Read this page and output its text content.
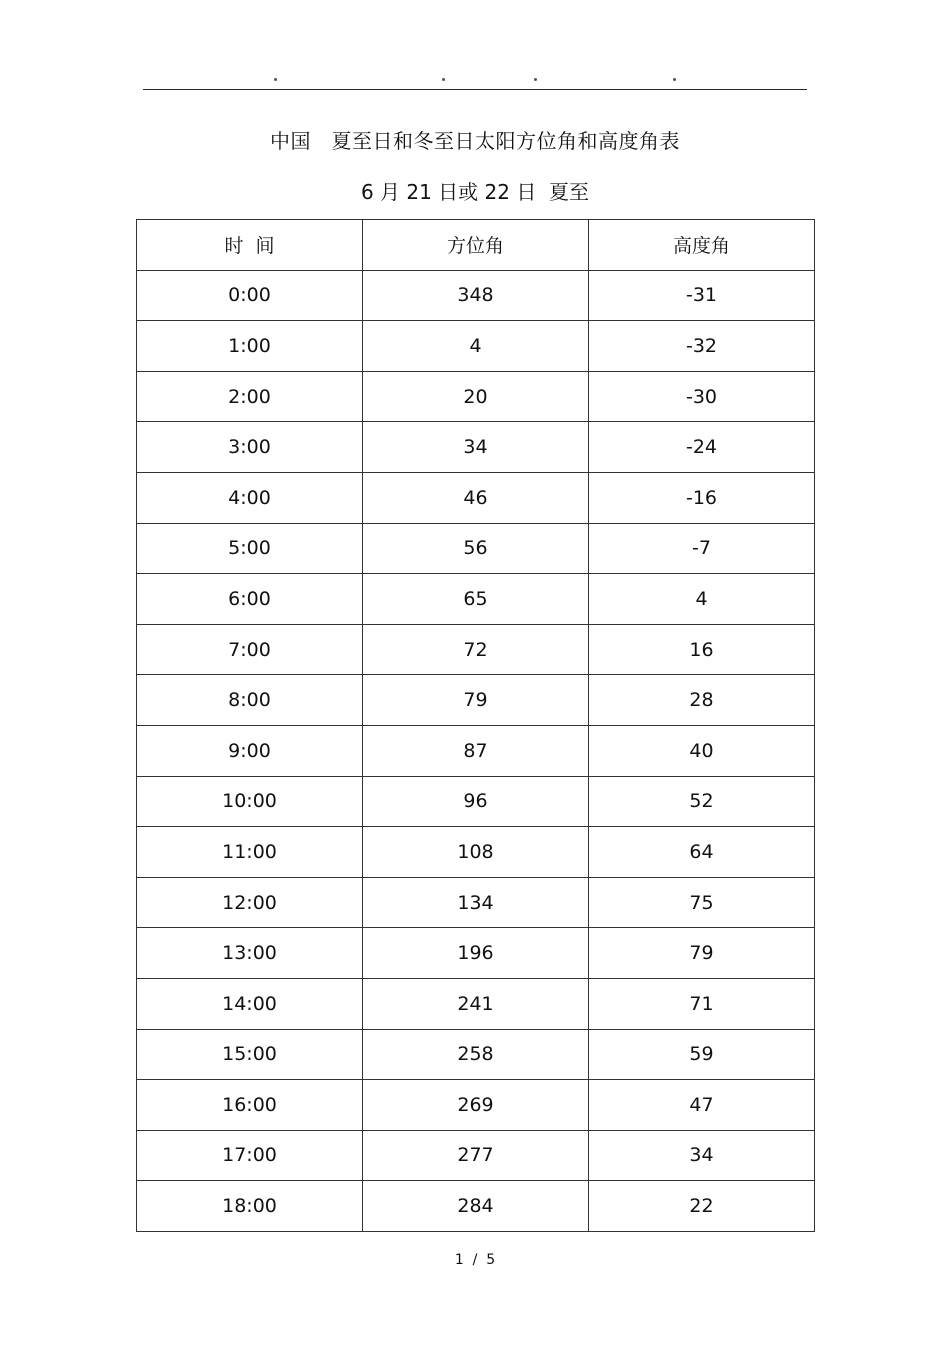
中国   夏至日和冬至日太阳方位角和高度角表
6 月 21 日或 22 日  夏至
时  间	方位角	高度角
0:00	348	-31
1:00	4	-32
2:00	20	-30
3:00	34	-24
4:00	46	-16
5:00	56	-7
6:00	65	4
7:00	72	16
8:00	79	28
9:00	87	40
10:00	96	52
11:00	108	64
12:00	134	75
13:00	196	79
14:00	241	71
15:00	258	59
16:00	269	47
17:00	277	34
18:00	284	22
1  /  5
